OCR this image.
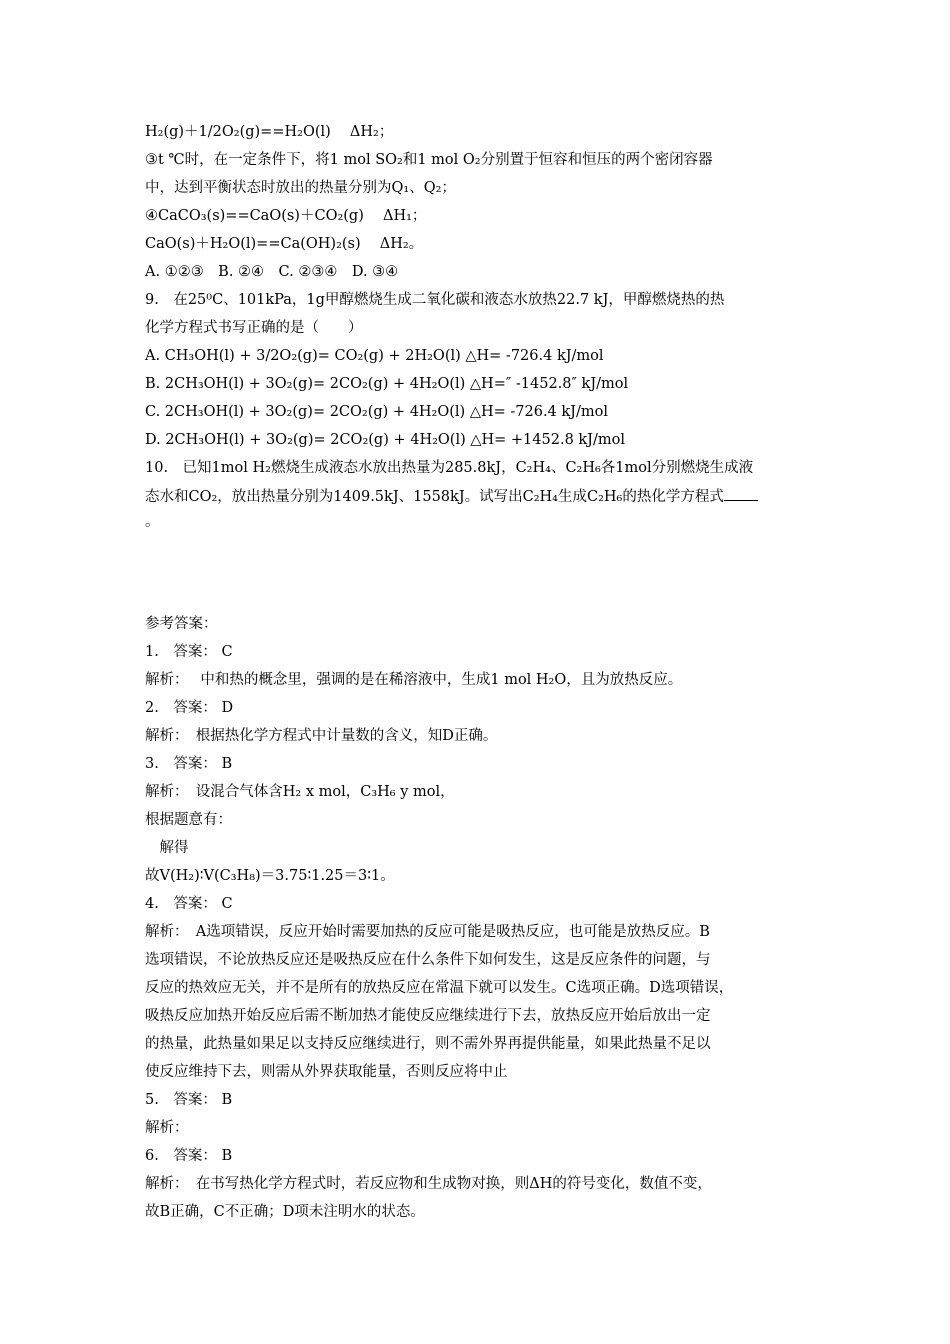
H₂(g)＋1/2O₂(g)==H₂O(l)　 ΔH₂；
③t ℃时，在一定条件下，将1 mol SO₂和1 mol O₂分别置于恒容和恒压的两个密闭容器
中，达到平衡状态时放出的热量分别为Q₁、Q₂；
④CaCO₃(s)==CaO(s)＋CO₂(g)　 ΔH₁；
CaO(s)＋H₂O(l)==Ca(OH)₂(s)　 ΔH₂。
A. ①②③　B. ②④　C. ②③④　D. ③④
9.　在25⁰C、101kPa，1g甲醇燃烧生成二氧化碳和液态水放热22.7 kJ，甲醇燃烧热的热
化学方程式书写正确的是（　　）
A. CH₃OH(l) + 3/2O₂(g)= CO₂(g) + 2H₂O(l) △H= -726.4 kJ/mol
B. 2CH₃OH(l) + 3O₂(g)= 2CO₂(g) + 4H₂O(l) △H=″ -1452.8″ kJ/mol
C. 2CH₃OH(l) + 3O₂(g)= 2CO₂(g) + 4H₂O(l) △H= -726.4 kJ/mol
D. 2CH₃OH(l) + 3O₂(g)= 2CO₂(g) + 4H₂O(l) △H= +1452.8 kJ/mol
10.　已知1mol H₂燃烧生成液态水放出热量为285.8kJ，C₂H₄、C₂H₆各1mol分别燃烧生成液
态水和CO₂，放出热量分别为1409.5kJ、1558kJ。试写出C₂H₄生成C₂H₆的热化学方程式
。
参考答案：
1.　答案： C
解析：　 中和热的概念里，强调的是在稀溶液中，生成1 mol H₂O，且为放热反应。
2.　答案： D
解析：　根据热化学方程式中计量数的含义，知D正确。
3.　答案： B
解析：　设混合气体含H₂ x mol，C₃H₆ y mol，
根据题意有：
　解得
故V(H₂)∶V(C₃H₈)＝3.75∶1.25＝3∶1。
4.　答案： C
解析：　A选项错误，反应开始时需要加热的反应可能是吸热反应，也可能是放热反应。B
选项错误，不论放热反应还是吸热反应在什么条件下如何发生，这是反应条件的问题，与
反应的热效应无关，并不是所有的放热反应在常温下就可以发生。C选项正确。D选项错误，
吸热反应加热开始反应后需不断加热才能使反应继续进行下去，放热反应开始后放出一定
的热量，此热量如果足以支持反应继续进行，则不需外界再提供能量，如果此热量不足以
使反应维持下去，则需从外界获取能量，否则反应将中止
5.　答案： B
解析：
6.　答案： B
解析：　在书写热化学方程式时，若反应物和生成物对换，则ΔH的符号变化，数值不变，
故B正确，C不正确；D项未注明水的状态。
